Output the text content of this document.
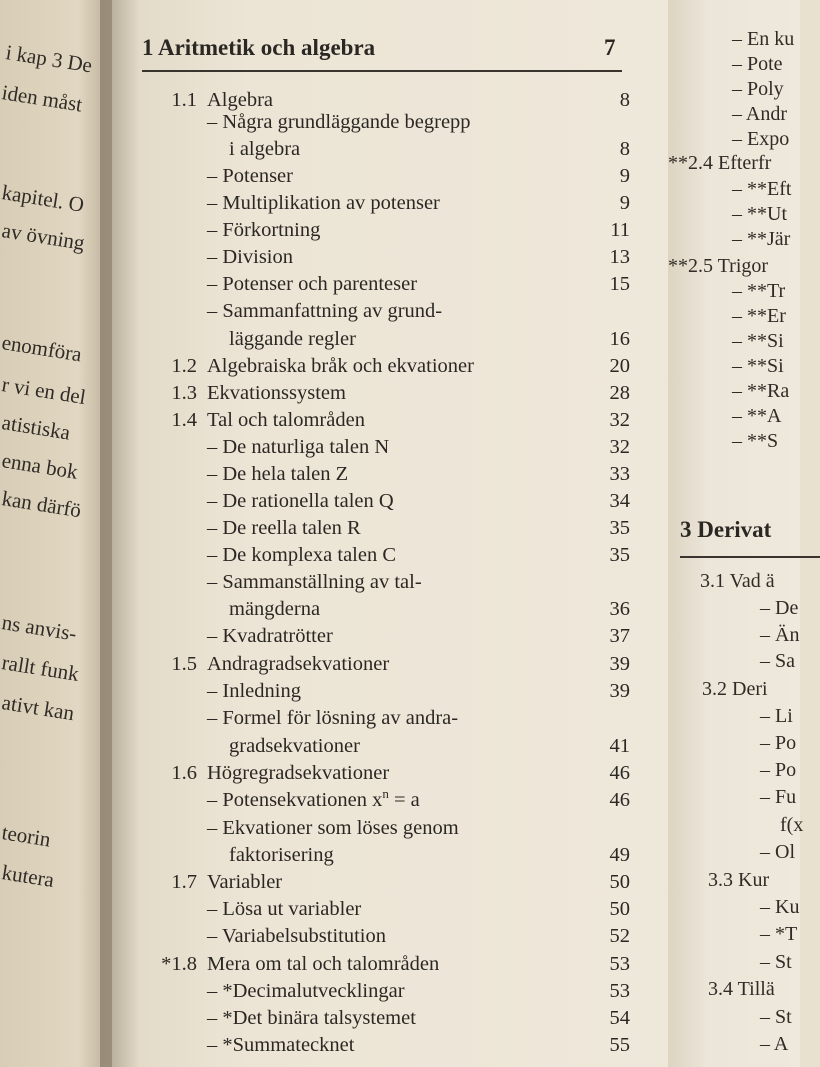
i kap 3 De
iden måst
kapitel. O
av övning
enomföra
r vi en del
atistiska
enna bok
kan därfö
ns anvis-
rallt funk
ativt kan
teorin
kutera
1 Aritmetik och algebra	7
1.1 Algebra	8
– Några grundläggande begrepp
i algebra	8
– Potenser	9
– Multiplikation av potenser	9
– Förkortning	11
– Division	13
– Potenser och parenteser	15
– Sammanfattning av grund-
läggande regler	16
1.2 Algebraiska bråk och ekvationer	20
1.3 Ekvationssystem	28
1.4 Tal och talområden	32
– De naturliga talen N	32
– De hela talen Z	33
– De rationella talen Q	34
– De reella talen R	35
– De komplexa talen C	35
– Sammanställning av tal-
mängderna	36
– Kvadratrötter	37
1.5 Andragradsekvationer	39
– Inledning	39
– Formel för lösning av andra-
gradsekvationer	41
1.6 Högregradsekvationer	46
– Potensekvationen $x^n = a$	46
– Ekvationer som löses genom
faktorisering	49
1.7 Variabler	50
– Lösa ut variabler	50
– Variabelsubstitution	52
*1.8 Mera om tal och talområden	53
– *Decimalutvecklingar	53
– *Det binära talsystemet	54
– *Summatecknet	55
– En ku
– Pote
– Poly
– Andr
– Expo
**2.4 Efterfr
– **Eft
– **Ut
– **Jär
**2.5 Trigor
– **Tr
– **Er
– **Si
– **Si
– **Ra
– **A
– **S
3 Derivat
3.1 Vad ä
– De
– Än
– Sa
3.2 Deri
– Li
– Po
– Po
– Fu
f(x
– Ol
3.3 Kur
– Ku
– *T
– St
3.4 Tillä
– St
– A
